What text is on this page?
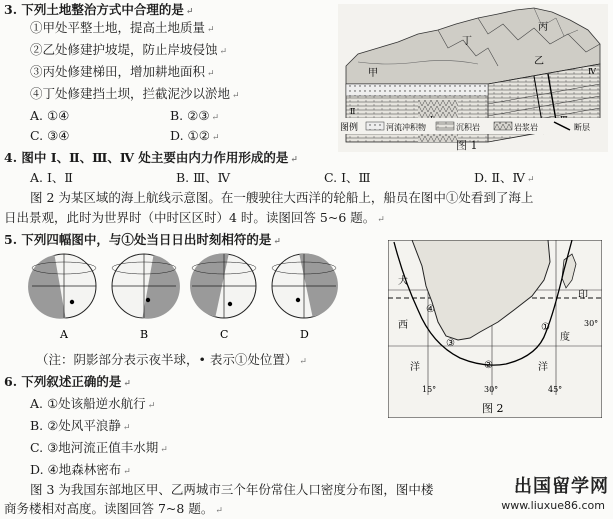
3. 下列土地整治方式中合理的是 ↵
①甲处平整土地，提高土地质量 ↵
②乙处修建护坡堤，防止岸坡侵蚀 ↵
③丙处修建梯田，增加耕地面积 ↵
④丁处修建挡土坝，拦截泥沙以淤地 ↵
A. ①④	B. ②③ ↵
C. ③④	D. ①② ↵
甲
乙
丙
丁
Ⅱ
Ⅳ
图例	河流冲积物	沉积岩	岩浆岩	断层
图 1
4. 图中 Ⅰ、Ⅱ、Ⅲ、Ⅳ 处主要由内力作用形成的是 ↵
A. Ⅰ、Ⅱ	B. Ⅲ、Ⅳ	C. Ⅰ、Ⅲ	D. Ⅱ、Ⅳ ↵
图 2 为某区域的海上航线示意图。在一艘驶往大西洋的轮船上，船员在图中①处看到了海上
日出景观，此时为世界时（中时区区时）4 时。读图回答 5~6 题。 ↵
5. 下列四幅图中，与①处当日日出时刻相符的是 ↵
A	B	C	D
（注：阴影部分表示夜半球，• 表示①处位置） ↵
①
②
③
④
大
西
洋
印
度
洋
30°
15°	30°	45°
图 2
6. 下列叙述正确的是 ↵
A. ①处该船逆水航行 ↵
B. ②处风平浪静 ↵
C. ③地河流正值丰水期 ↵
D. ④地森林密布 ↵
图 3 为我国东部地区甲、乙两城市三个年份常住人口密度分布图，图中楼
商务楼相对高度。读图回答 7~8 题。 ↵
出国留学网
www.liuxue86.com
